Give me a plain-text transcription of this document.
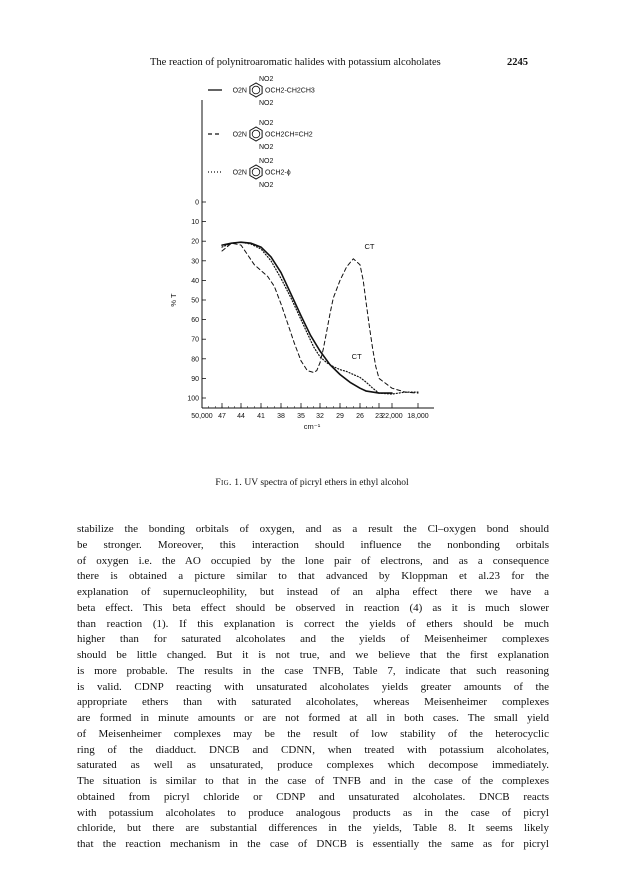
The reaction of polynitroaromatic halides with potassium alcoholates	2245
0
10
20
30
40
50
60
70
80
90
100
50,000 47 44 41 38 35 32 29 26 23
22,000 18,000
cm⁻¹
% T
CT
CT
NO2
O2N	OCH2-CH2CH3
NO2
NO2
O2N	OCH2CH=CH2
NO2
NO2
O2N	OCH2-ϕ
NO2
Fig. 1. UV spectra of picryl ethers in ethyl alcohol
stabilize the bonding orbitals of oxygen, and as a result the Cl–oxygen bond should
be stronger. Moreover, this interaction should influence the nonbonding orbitals
of oxygen i.e. the AO occupied by the lone pair of electrons, and as a consequence
there is obtained a picture similar to that advanced by Kloppman et al.23 for the
explanation of supernucleophility, but instead of an alpha effect there we have a
beta effect. This beta effect should be observed in reaction (4) as it is much slower
than reaction (1). If this explanation is correct the yields of ethers should be much
higher than for saturated alcoholates and the yields of Meisenheimer complexes
should be little changed. But it is not true, and we believe that the first explanation
is more probable. The results in the case TNFB, Table 7, indicate that such reasoning
is valid. CDNP reacting with unsaturated alcoholates yields greater amounts of the
appropriate ethers than with saturated alcoholates, whereas Meisenheimer complexes
are formed in minute amounts or are not formed at all in both cases. The small yield
of Meisenheimer complexes may be the result of low stability of the heterocyclic
ring of the diadduct. DNCB and CDNN, when treated with potassium alcoholates,
saturated as well as unsaturated, produce complexes which decompose immediately.
The situation is similar to that in the case of TNFB and in the case of the complexes
obtained from picryl chloride or CDNP and unsaturated alcoholates. DNCB reacts
with potassium alcoholates to produce analogous products as in the case of picryl
chloride, but there are substantial differences in the yields, Table 8. It seems likely
that the reaction mechanism in the case of DNCB is essentially the same as for picryl
